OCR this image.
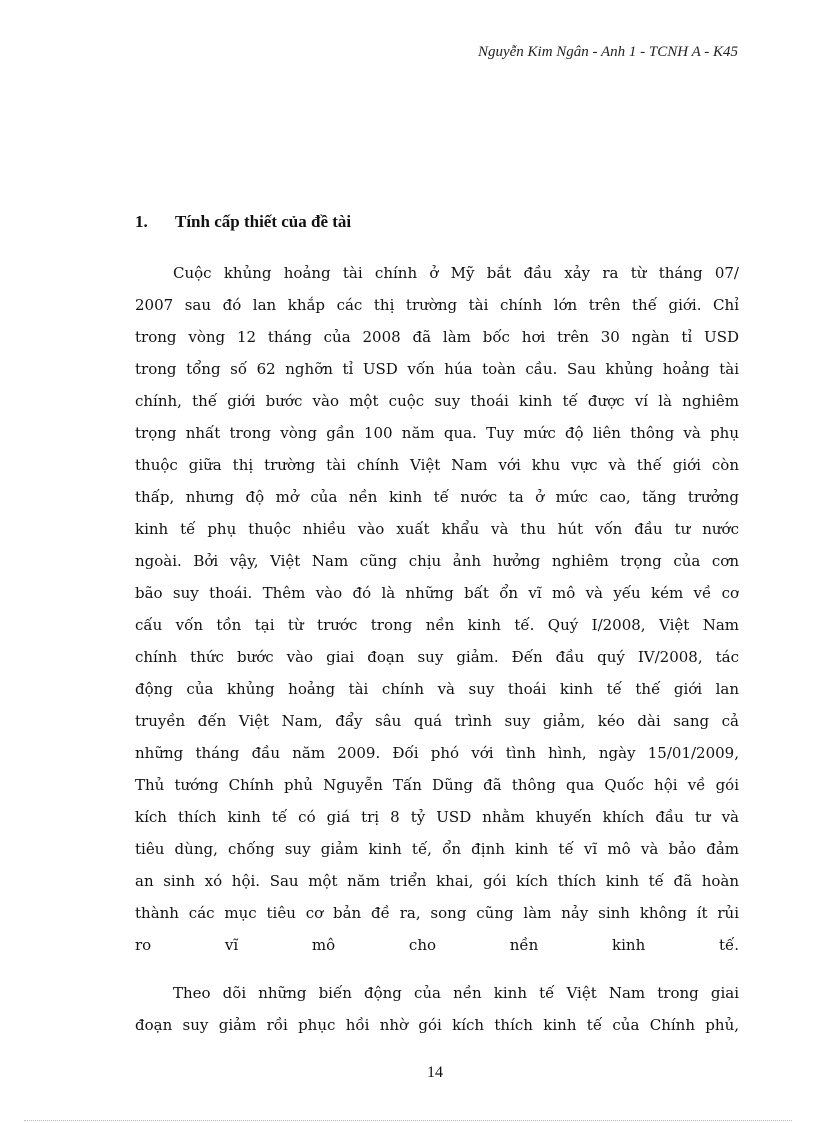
Nguyễn Kim Ngân - Anh 1 - TCNH A - K45
1. Tính cấp thiết của đề tài
Cuộc khủng hoảng tài chính ở Mỹ bắt đầu xảy ra từ tháng 07/
2007 sau đó lan khắp các thị trường tài chính lớn trên thế giới. Chỉ
trong vòng 12 tháng của 2008 đã làm bốc hơi trên 30 ngàn tỉ USD
trong tổng số 62 nghỡn tỉ USD vốn húa toàn cầu. Sau khủng hoảng tài
chính, thế giới bước vào một cuộc suy thoái kinh tế được ví là nghiêm
trọng nhất trong vòng gần 100 năm qua. Tuy mức độ liên thông và phụ
thuộc giữa thị trường tài chính Việt Nam với khu vực và thế giới còn
thấp, nhưng độ mở của nền kinh tế nước ta ở mức cao, tăng trưởng
kinh tế phụ thuộc nhiều vào xuất khẩu và thu hút vốn đầu tư nước
ngoài. Bởi vậy, Việt Nam cũng chịu ảnh hưởng nghiêm trọng của cơn
bão suy thoái. Thêm vào đó là những bất ổn vĩ mô và yếu kém về cơ
cấu vốn tồn tại từ trước trong nền kinh tế. Quý I/2008, Việt Nam
chính thức bước vào giai đoạn suy giảm. Đến đầu quý IV/2008, tác
động của khủng hoảng tài chính và suy thoái kinh tế thế giới lan
truyền đến Việt Nam, đẩy sâu quá trình suy giảm, kéo dài sang cả
những tháng đầu năm 2009. Đối phó với tình hình, ngày 15/01/2009,
Thủ tướng Chính phủ Nguyễn Tấn Dũng đã thông qua Quốc hội về gói
kích thích kinh tế có giá trị 8 tỷ USD nhằm khuyến khích đầu tư và
tiêu dùng, chống suy giảm kinh tế, ổn định kinh tế vĩ mô và bảo đảm
an sinh xó hội. Sau một năm triển khai, gói kích thích kinh tế đã hoàn
thành các mục tiêu cơ bản đề ra, song cũng làm nảy sinh không ít rủi
ro vĩ mô cho nền kinh tế.
Theo dõi những biến động của nền kinh tế Việt Nam trong giai
đoạn suy giảm rồi phục hồi nhờ gói kích thích kinh tế của Chính phủ,
14
